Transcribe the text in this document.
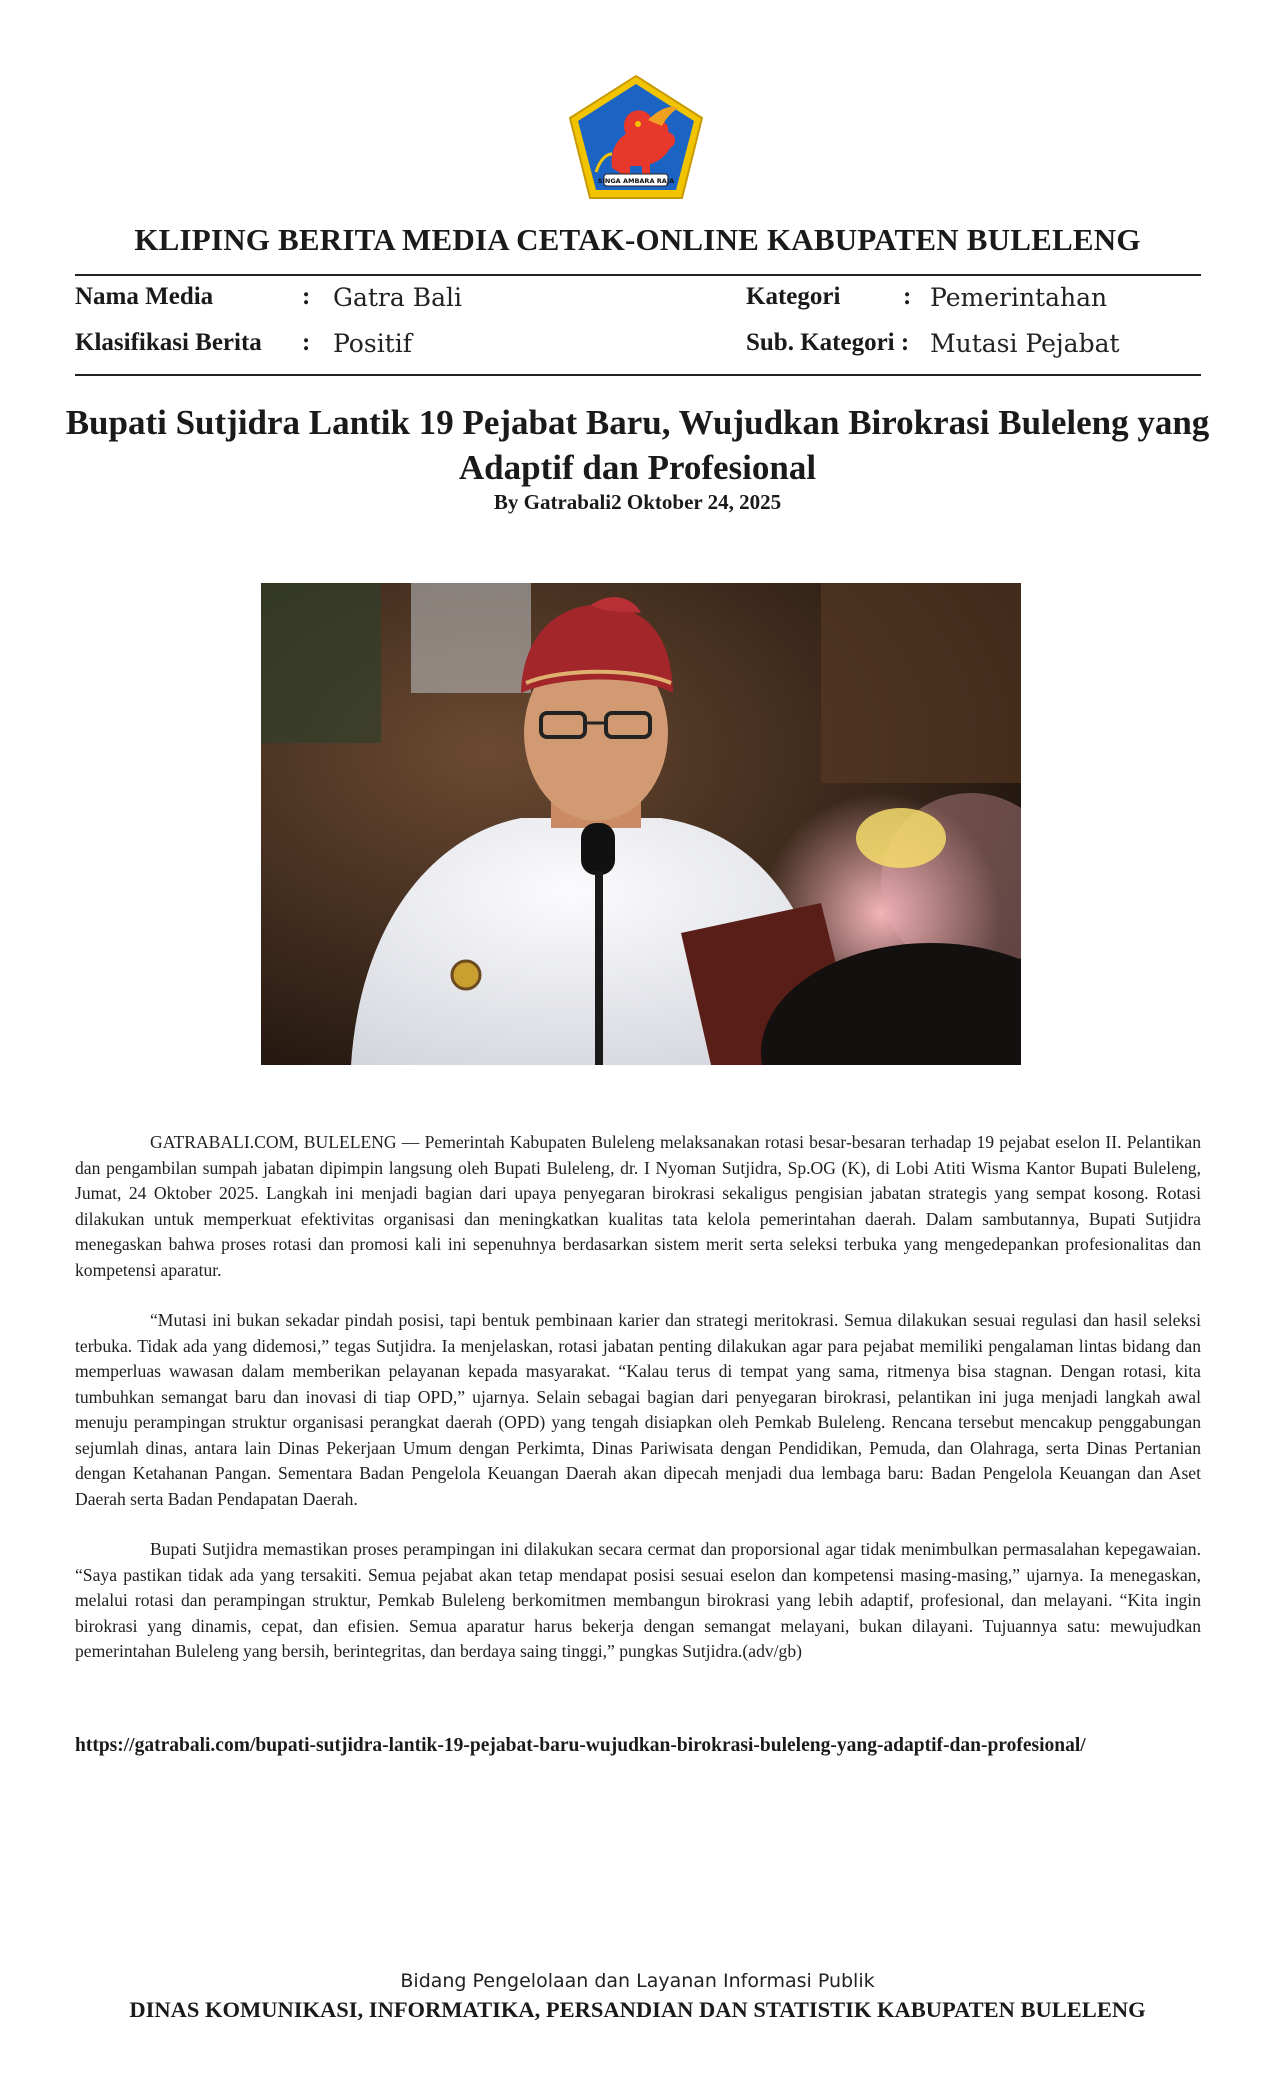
SINGA AMBARA RAJA
KLIPING BERITA MEDIA CETAK-ONLINE KABUPATEN BULELENG
Nama Media	: Gatra Bali	Kategori	: Pemerintahan
Klasifikasi Berita : Positif	Sub. Kategori : Mutasi Pejabat
Bupati Sutjidra Lantik 19 Pejabat Baru, Wujudkan Birokrasi Buleleng yang Adaptif dan Profesional
By Gatrabali2 Oktober 24, 2025

GATRABALI.COM, BULELENG — Pemerintah Kabupaten Buleleng melaksanakan rotasi besar-besaran terhadap 19 pejabat eselon II. Pelantikan dan pengambilan sumpah jabatan dipimpin langsung oleh Bupati Buleleng, dr. I Nyoman Sutjidra, Sp.OG (K), di Lobi Atiti Wisma Kantor Bupati Buleleng, Jumat, 24 Oktober 2025. Langkah ini menjadi bagian dari upaya penyegaran birokrasi sekaligus pengisian jabatan strategis yang sempat kosong. Rotasi dilakukan untuk memperkuat efektivitas organisasi dan meningkatkan kualitas tata kelola pemerintahan daerah. Dalam sambutannya, Bupati Sutjidra menegaskan bahwa proses rotasi dan promosi kali ini sepenuhnya berdasarkan sistem merit serta seleksi terbuka yang mengedepankan profesionalitas dan kompetensi aparatur.

“Mutasi ini bukan sekadar pindah posisi, tapi bentuk pembinaan karier dan strategi meritokrasi. Semua dilakukan sesuai regulasi dan hasil seleksi terbuka. Tidak ada yang didemosi,” tegas Sutjidra. Ia menjelaskan, rotasi jabatan penting dilakukan agar para pejabat memiliki pengalaman lintas bidang dan memperluas wawasan dalam memberikan pelayanan kepada masyarakat. “Kalau terus di tempat yang sama, ritmenya bisa stagnan. Dengan rotasi, kita tumbuhkan semangat baru dan inovasi di tiap OPD,” ujarnya. Selain sebagai bagian dari penyegaran birokrasi, pelantikan ini juga menjadi langkah awal menuju perampingan struktur organisasi perangkat daerah (OPD) yang tengah disiapkan oleh Pemkab Buleleng. Rencana tersebut mencakup penggabungan sejumlah dinas, antara lain Dinas Pekerjaan Umum dengan Perkimta, Dinas Pariwisata dengan Pendidikan, Pemuda, dan Olahraga, serta Dinas Pertanian dengan Ketahanan Pangan. Sementara Badan Pengelola Keuangan Daerah akan dipecah menjadi dua lembaga baru: Badan Pengelola Keuangan dan Aset Daerah serta Badan Pendapatan Daerah.

Bupati Sutjidra memastikan proses perampingan ini dilakukan secara cermat dan proporsional agar tidak menimbulkan permasalahan kepegawaian. “Saya pastikan tidak ada yang tersakiti. Semua pejabat akan tetap mendapat posisi sesuai eselon dan kompetensi masing-masing,” ujarnya. Ia menegaskan, melalui rotasi dan perampingan struktur, Pemkab Buleleng berkomitmen membangun birokrasi yang lebih adaptif, profesional, dan melayani. “Kita ingin birokrasi yang dinamis, cepat, dan efisien. Semua aparatur harus bekerja dengan semangat melayani, bukan dilayani. Tujuannya satu: mewujudkan pemerintahan Buleleng yang bersih, berintegritas, dan berdaya saing tinggi,” pungkas Sutjidra.(adv/gb)

https://gatrabali.com/bupati-sutjidra-lantik-19-pejabat-baru-wujudkan-birokrasi-buleleng-yang-adaptif-dan-profesional/
Bidang Pengelolaan dan Layanan Informasi Publik
DINAS KOMUNIKASI, INFORMATIKA, PERSANDIAN DAN STATISTIK KABUPATEN BULELENG
